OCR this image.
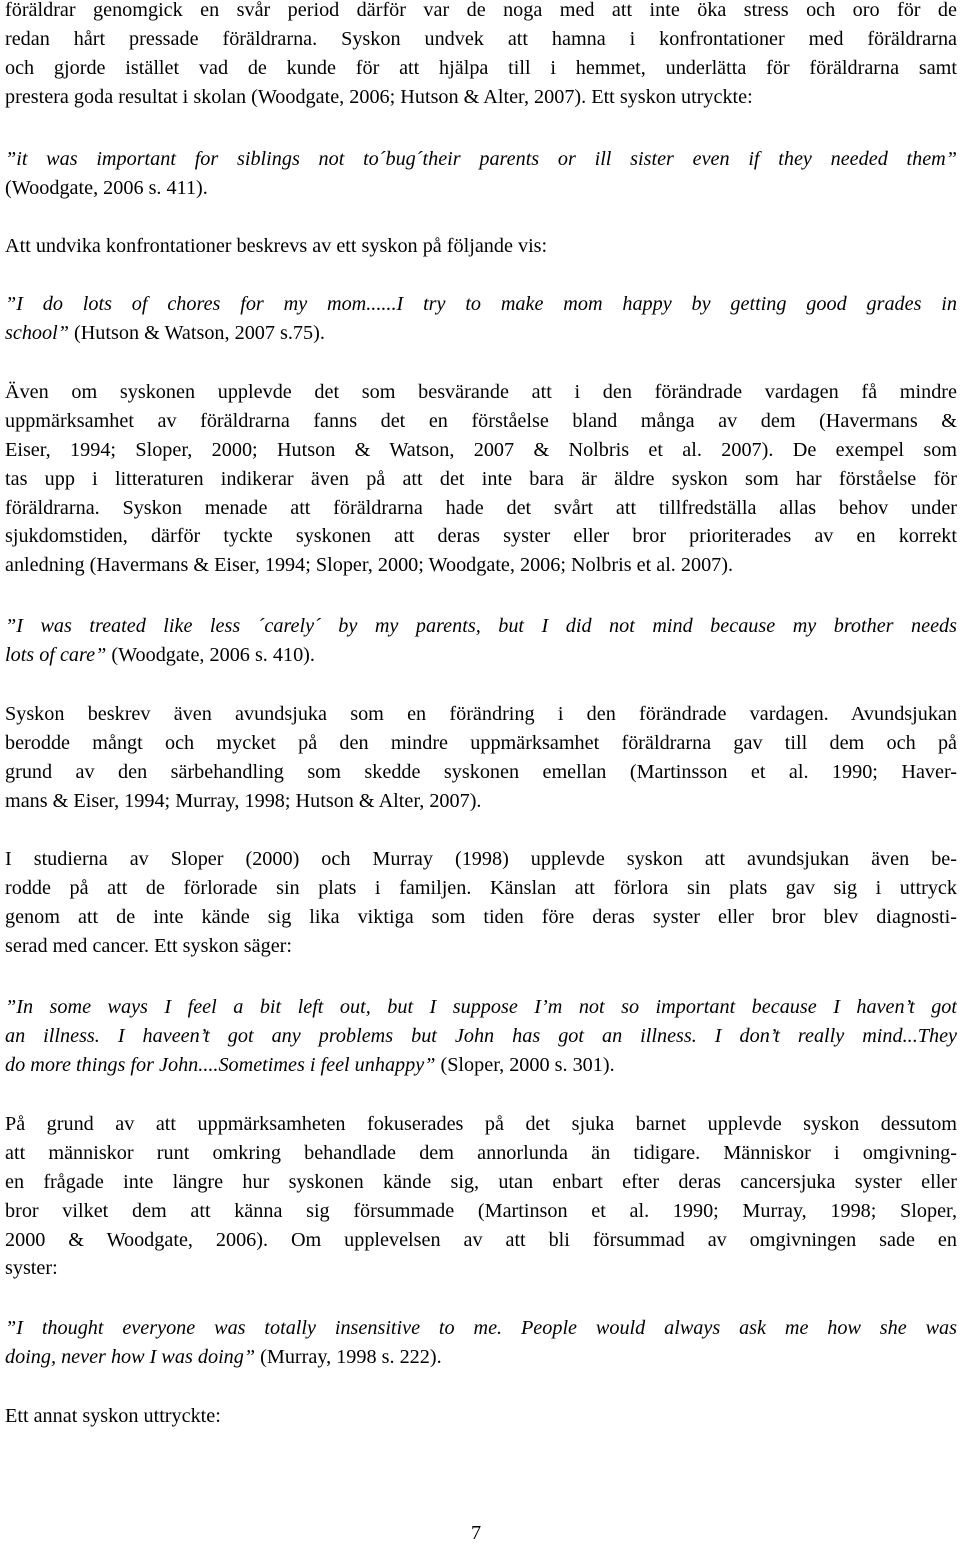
föräldrar genomgick en svår period därför var de noga med att inte öka stress och oro för de
redan hårt pressade föräldrarna. Syskon undvek att hamna i konfrontationer med föräldrarna
och gjorde istället vad de kunde för att hjälpa till i hemmet, underlätta för föräldrarna samt
prestera goda resultat i skolan (Woodgate, 2006; Hutson & Alter, 2007). Ett syskon utryckte:
”it was important for siblings not to´bug´their parents or ill sister even if they needed them”
(Woodgate, 2006 s. 411).
Att undvika konfrontationer beskrevs av ett syskon på följande vis:
”I do lots of chores for my mom......I try to make mom happy by getting good grades in
school” (Hutson & Watson, 2007 s.75).
Även om syskonen upplevde det som besvärande att i den förändrade vardagen få mindre
uppmärksamhet av föräldrarna fanns det en förståelse bland många av dem (Havermans &
Eiser, 1994; Sloper, 2000; Hutson & Watson, 2007 & Nolbris et al. 2007). De exempel som
tas upp i litteraturen indikerar även på att det inte bara är äldre syskon som har förståelse för
föräldrarna. Syskon menade att föräldrarna hade det svårt att tillfredställa allas behov under
sjukdomstiden, därför tyckte syskonen att deras syster eller bror prioriterades av en korrekt
anledning (Havermans & Eiser, 1994; Sloper, 2000; Woodgate, 2006; Nolbris et al. 2007).
”I was treated like less ´carely´ by my parents, but I did not mind because my brother needs
lots of care” (Woodgate, 2006 s. 410).
Syskon beskrev även avundsjuka som en förändring i den förändrade vardagen. Avundsjukan
berodde mångt och mycket på den mindre uppmärksamhet föräldrarna gav till dem och på
grund av den särbehandling som skedde syskonen emellan (Martinsson et al. 1990; Haver-
mans & Eiser, 1994; Murray, 1998; Hutson & Alter, 2007).
I studierna av Sloper (2000) och Murray (1998) upplevde syskon att avundsjukan även be-
rodde på att de förlorade sin plats i familjen. Känslan att förlora sin plats gav sig i uttryck
genom att de inte kände sig lika viktiga som tiden före deras syster eller bror blev diagnosti-
serad med cancer. Ett syskon säger:
”In some ways I feel a bit left out, but I suppose I’m not so important because I haven’t got
an illness. I haveen’t got any problems but John has got an illness. I don’t really mind...They
do more things for John....Sometimes i feel unhappy” (Sloper, 2000 s. 301).
På grund av att uppmärksamheten fokuserades på det sjuka barnet upplevde syskon dessutom
att människor runt omkring behandlade dem annorlunda än tidigare. Människor i omgivning-
en frågade inte längre hur syskonen kände sig, utan enbart efter deras cancersjuka syster eller
bror vilket dem att känna sig försummade (Martinson et al. 1990; Murray, 1998; Sloper,
2000 & Woodgate, 2006). Om upplevelsen av att bli försummad av omgivningen sade en
syster:
”I thought everyone was totally insensitive to me. People would always ask me how she was
doing, never how I was doing” (Murray, 1998 s. 222).
Ett annat syskon uttryckte:
7
